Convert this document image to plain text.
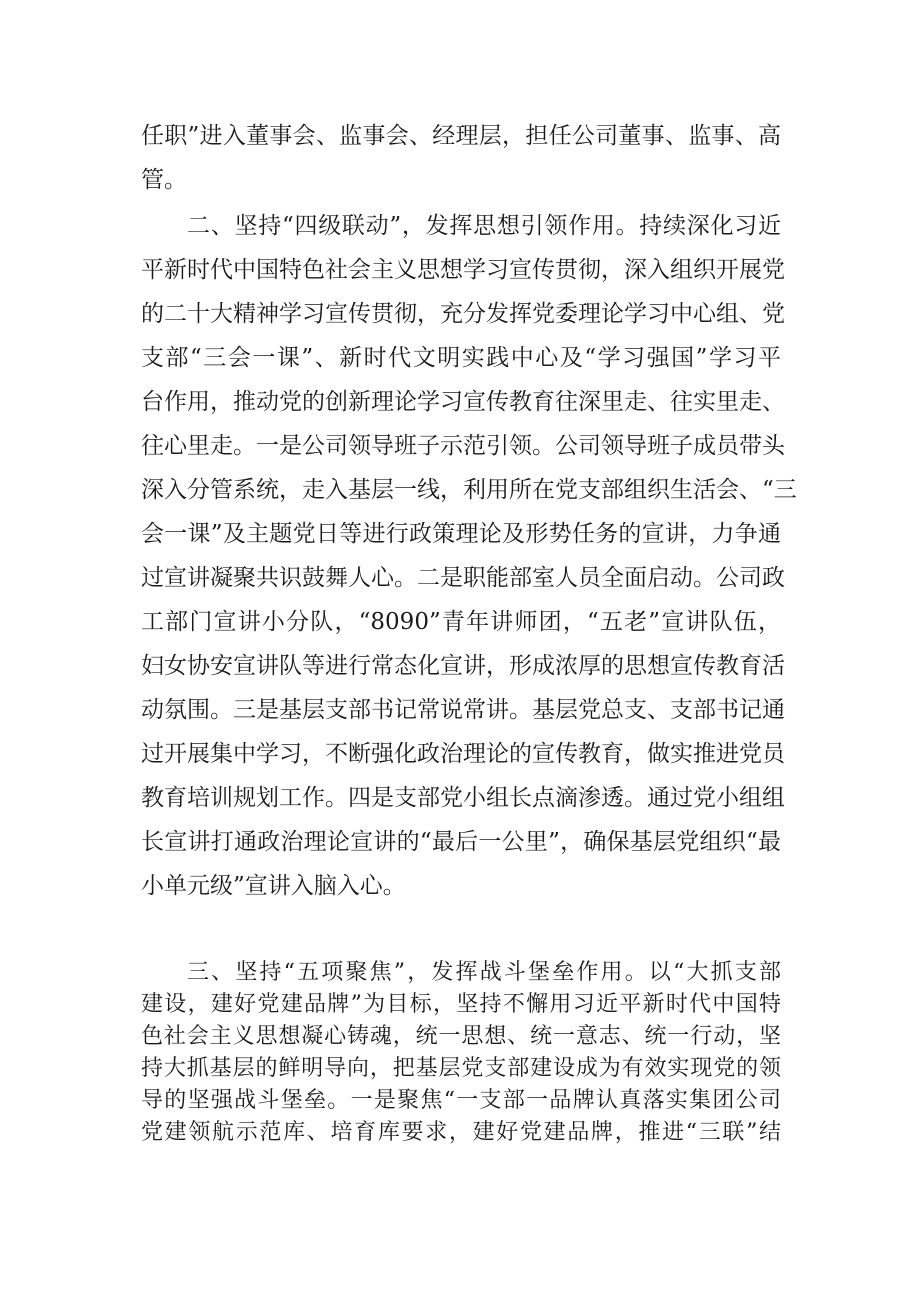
任职”进入董事会、监事会、经理层，担任公司董事、监事、高
管。
二、坚持“四级联动”，发挥思想引领作用。持续深化习近
平新时代中国特色社会主义思想学习宣传贯彻，深入组织开展党
的二十大精神学习宣传贯彻，充分发挥党委理论学习中心组、党
支部“三会一课”、新时代文明实践中心及“学习强国”学习平
台作用，推动党的创新理论学习宣传教育往深里走、往实里走、
往心里走。一是公司领导班子示范引领。公司领导班子成员带头
深入分管系统，走入基层一线，利用所在党支部组织生活会、“三
会一课”及主题党日等进行政策理论及形势任务的宣讲，力争通
过宣讲凝聚共识鼓舞人心。二是职能部室人员全面启动。公司政
工部门宣讲小分队，“8090”青年讲师团，“五老”宣讲队伍，
妇女协安宣讲队等进行常态化宣讲，形成浓厚的思想宣传教育活
动氛围。三是基层支部书记常说常讲。基层党总支、支部书记通
过开展集中学习，不断强化政治理论的宣传教育，做实推进党员
教育培训规划工作。四是支部党小组长点滴渗透。通过党小组组
长宣讲打通政治理论宣讲的“最后一公里”，确保基层党组织“最
小单元级”宣讲入脑入心。
三、坚持“五项聚焦”，发挥战斗堡垒作用。以“大抓支部
建设，建好党建品牌”为目标，坚持不懈用习近平新时代中国特
色社会主义思想凝心铸魂，统一思想、统一意志、统一行动，坚
持大抓基层的鲜明导向，把基层党支部建设成为有效实现党的领
导的坚强战斗堡垒。一是聚焦“一支部一品牌认真落实集团公司
党建领航示范库、培育库要求，建好党建品牌，推进“三联”结
